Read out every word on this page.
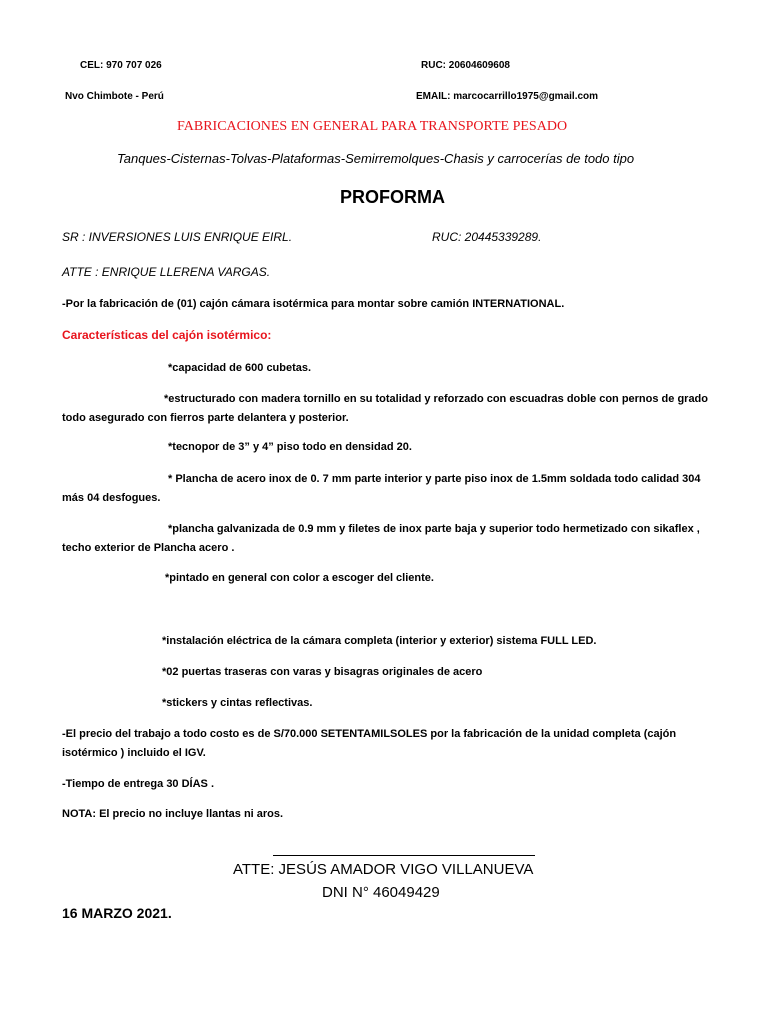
CEL: 970 707 026	RUC: 20604609608
Nvo Chimbote - Perú	EMAIL: marcocarrillo1975@gmail.com
FABRICACIONES EN GENERAL PARA TRANSPORTE PESADO
Tanques-Cisternas-Tolvas-Plataformas-Semirremolques-Chasis y carrocerías de todo tipo
PROFORMA
SR : INVERSIONES LUIS ENRIQUE EIRL.	RUC: 20445339289.
ATTE : ENRIQUE LLERENA VARGAS.
-Por la fabricación de (01) cajón cámara isotérmica para montar sobre camión INTERNATIONAL.
Características del cajón isotérmico:
*capacidad de 600 cubetas.
*estructurado con madera tornillo en su totalidad y reforzado con escuadras doble con pernos de grado todo asegurado con fierros parte delantera y posterior.
*tecnopor de 3” y 4” piso todo en densidad 20.
* Plancha de acero inox de 0. 7 mm parte interior y parte piso inox de 1.5mm soldada todo calidad 304 más 04 desfogues.
*plancha galvanizada de 0.9 mm y filetes de inox parte baja y superior todo hermetizado con sikaflex , techo exterior de Plancha acero .
*pintado en general con color a escoger del cliente.
*instalación eléctrica de la cámara completa (interior y exterior) sistema FULL LED.
*02 puertas traseras con varas y bisagras originales de acero
*stickers y cintas reflectivas.
-El precio del trabajo a todo costo es de S/70.000 SETENTAMILSOLES por la fabricación de la unidad completa (cajón isotérmico ) incluido el IGV.
-Tiempo de entrega 30 DÍAS .
NOTA: El precio no incluye llantas ni aros.
ATTE: JESÚS AMADOR VIGO VILLANUEVA
DNI N° 46049429
16 MARZO 2021.
